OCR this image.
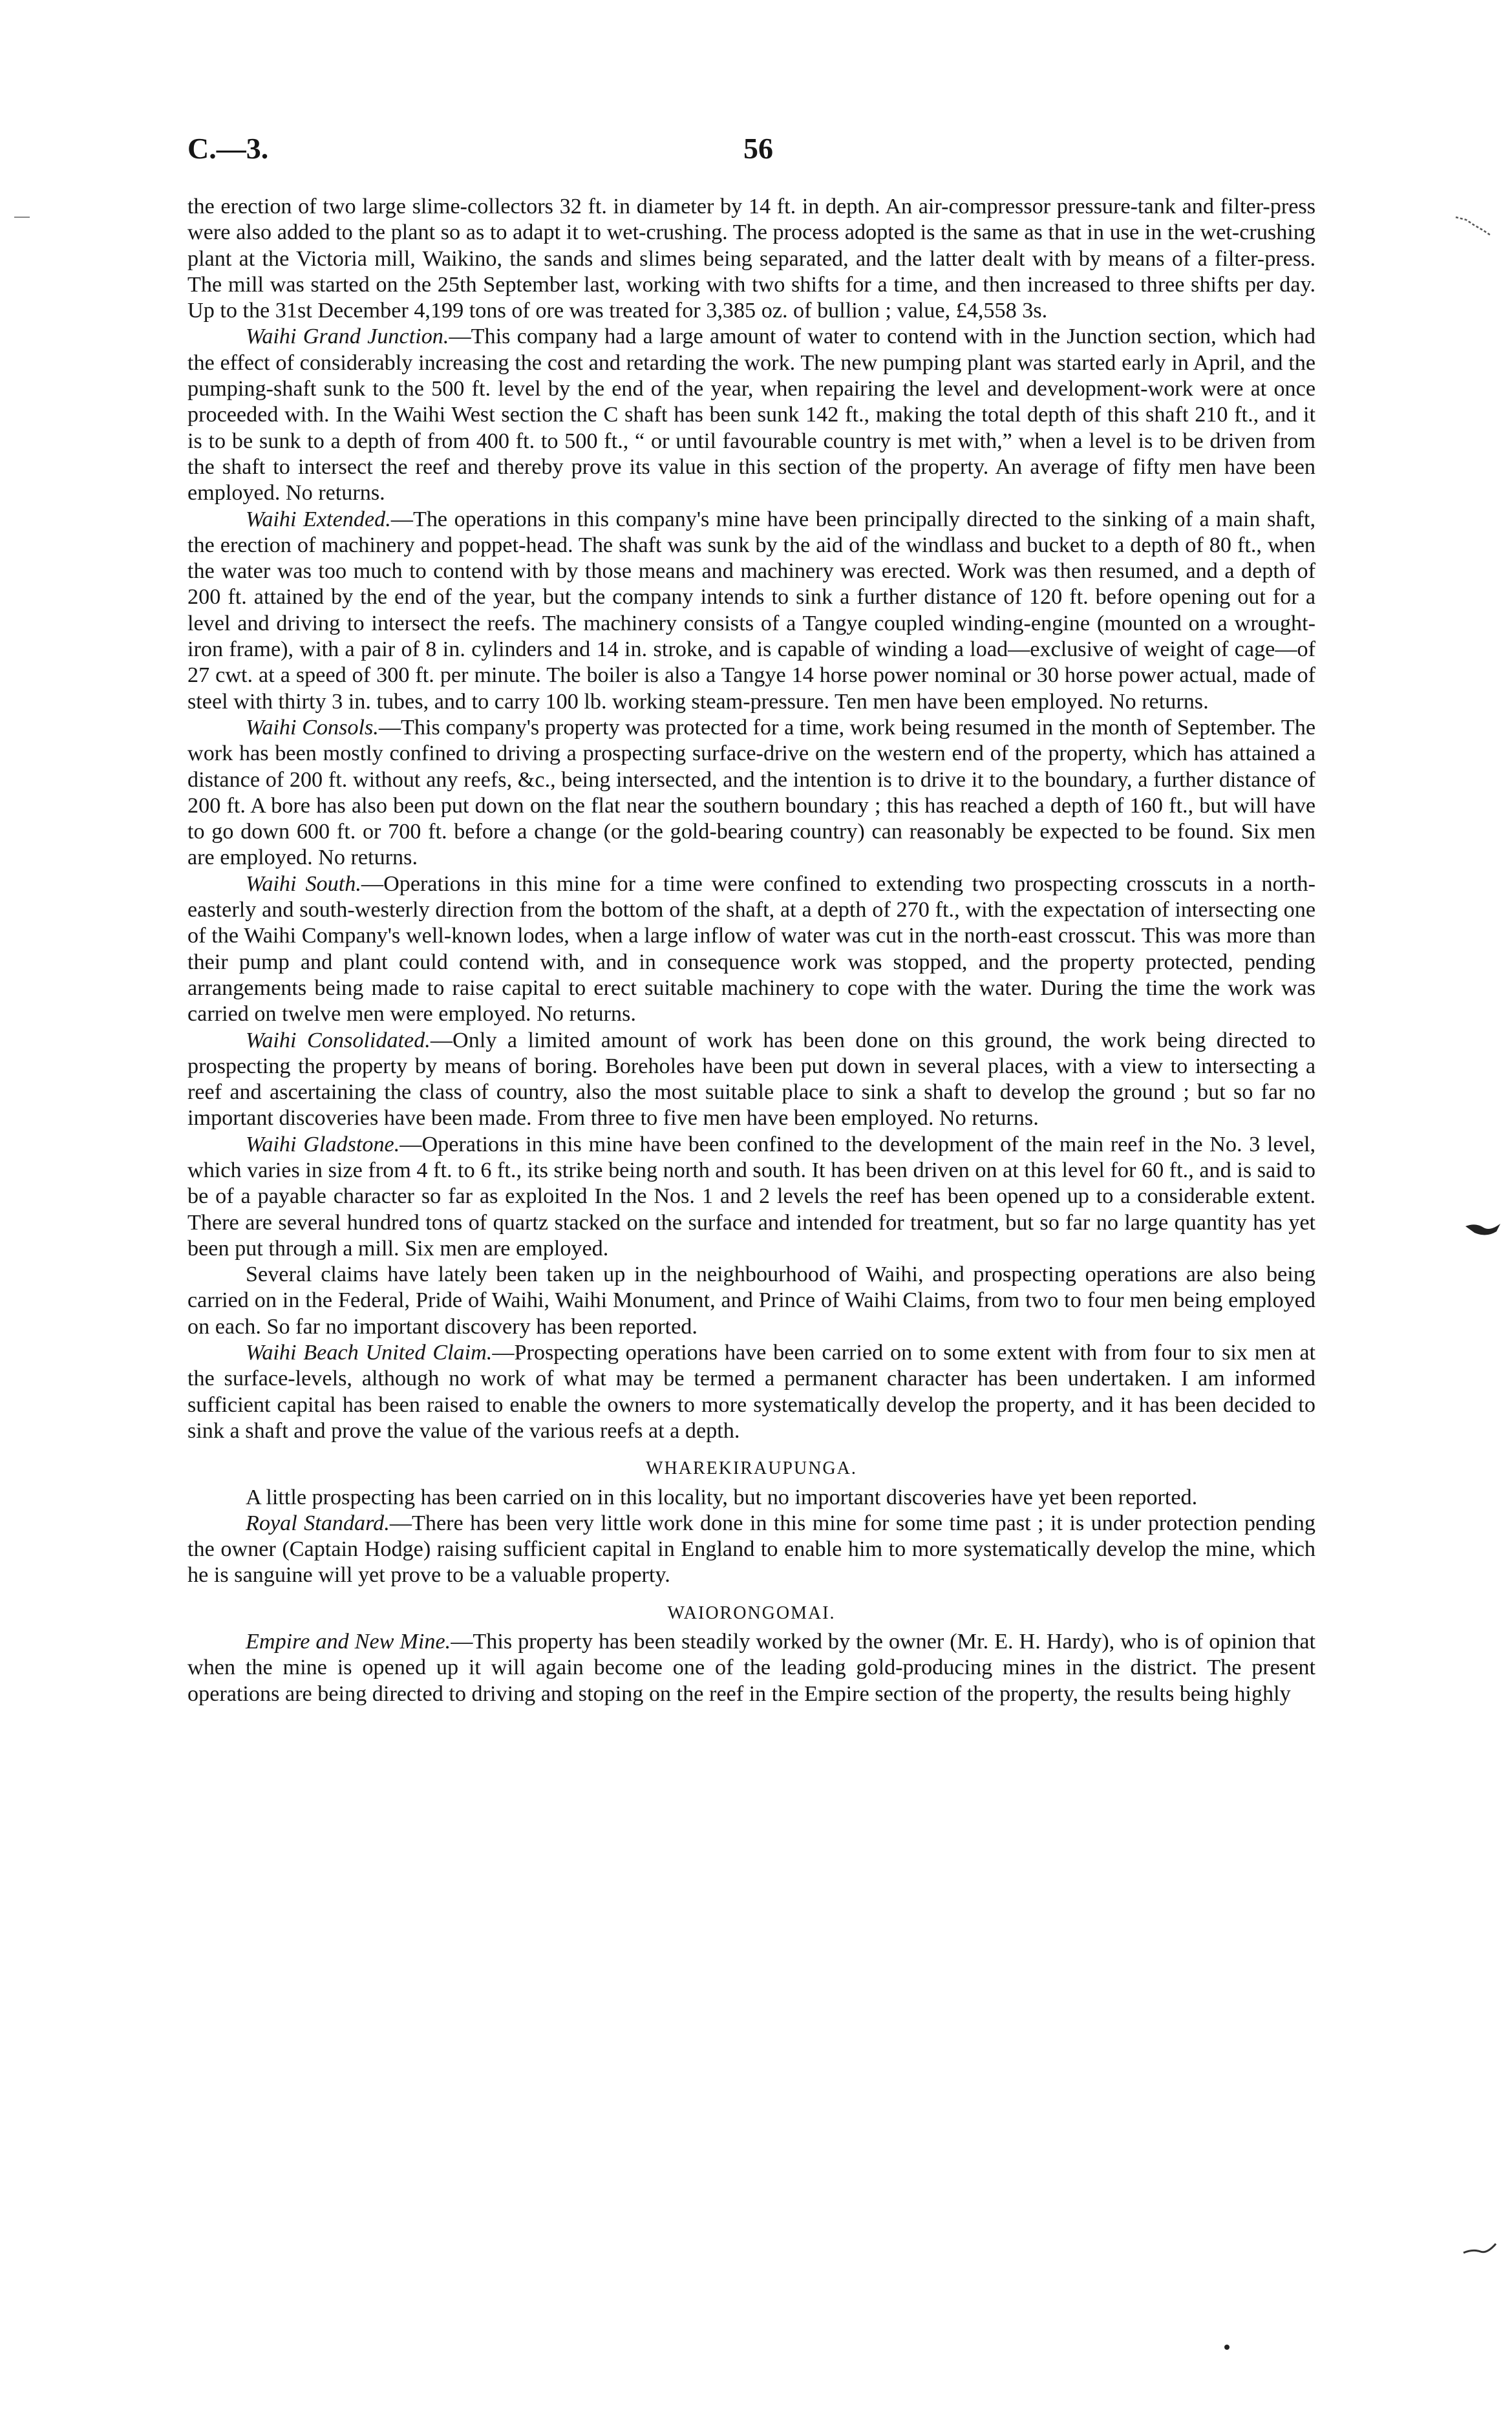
C.—3.	56

the erection of two large slime-collectors 32 ft. in diameter by 14 ft. in depth. An air-compressor pressure-tank and filter-press were also added to the plant so as to adapt it to wet-crushing. The process adopted is the same as that in use in the wet-crushing plant at the Victoria mill, Waikino, the sands and slimes being separated, and the latter dealt with by means of a filter-press. The mill was started on the 25th September last, working with two shifts for a time, and then increased to three shifts per day. Up to the 31st December 4,199 tons of ore was treated for 3,385 oz. of bullion ; value, £4,558 3s.

Waihi Grand Junction.—This company had a large amount of water to contend with in the Junction section, which had the effect of considerably increasing the cost and retarding the work. The new pumping plant was started early in April, and the pumping-shaft sunk to the 500 ft. level by the end of the year, when repairing the level and development-work were at once proceeded with. In the Waihi West section the C shaft has been sunk 142 ft., making the total depth of this shaft 210 ft., and it is to be sunk to a depth of from 400 ft. to 500 ft., “ or until favourable country is met with,” when a level is to be driven from the shaft to intersect the reef and thereby prove its value in this section of the property. An average of fifty men have been employed. No returns.

Waihi Extended.—The operations in this company's mine have been principally directed to the sinking of a main shaft, the erection of machinery and poppet-head. The shaft was sunk by the aid of the windlass and bucket to a depth of 80 ft., when the water was too much to contend with by those means and machinery was erected. Work was then resumed, and a depth of 200 ft. attained by the end of the year, but the company intends to sink a further distance of 120 ft. before opening out for a level and driving to intersect the reefs. The machinery consists of a Tangye coupled winding-engine (mounted on a wrought-iron frame), with a pair of 8 in. cylinders and 14 in. stroke, and is capable of winding a load—exclusive of weight of cage—of 27 cwt. at a speed of 300 ft. per minute. The boiler is also a Tangye 14 horse power nominal or 30 horse power actual, made of steel with thirty 3 in. tubes, and to carry 100 lb. working steam-pressure. Ten men have been employed. No returns.

Waihi Consols.—This company's property was protected for a time, work being resumed in the month of September. The work has been mostly confined to driving a prospecting surface-drive on the western end of the property, which has attained a distance of 200 ft. without any reefs, &c., being intersected, and the intention is to drive it to the boundary, a further distance of 200 ft. A bore has also been put down on the flat near the southern boundary ; this has reached a depth of 160 ft., but will have to go down 600 ft. or 700 ft. before a change (or the gold-bearing country) can reasonably be expected to be found. Six men are employed. No returns.

Waihi South.—Operations in this mine for a time were confined to extending two prospecting crosscuts in a north-easterly and south-westerly direction from the bottom of the shaft, at a depth of 270 ft., with the expectation of intersecting one of the Waihi Company's well-known lodes, when a large inflow of water was cut in the north-east crosscut. This was more than their pump and plant could contend with, and in consequence work was stopped, and the property protected, pending arrangements being made to raise capital to erect suitable machinery to cope with the water. During the time the work was carried on twelve men were employed. No returns.

Waihi Consolidated.—Only a limited amount of work has been done on this ground, the work being directed to prospecting the property by means of boring. Boreholes have been put down in several places, with a view to intersecting a reef and ascertaining the class of country, also the most suitable place to sink a shaft to develop the ground ; but so far no important discoveries have been made. From three to five men have been employed. No returns.

Waihi Gladstone.—Operations in this mine have been confined to the development of the main reef in the No. 3 level, which varies in size from 4 ft. to 6 ft., its strike being north and south. It has been driven on at this level for 60 ft., and is said to be of a payable character so far as exploited In the Nos. 1 and 2 levels the reef has been opened up to a considerable extent. There are several hundred tons of quartz stacked on the surface and intended for treatment, but so far no large quantity has yet been put through a mill. Six men are employed.

Several claims have lately been taken up in the neighbourhood of Waihi, and prospecting operations are also being carried on in the Federal, Pride of Waihi, Waihi Monument, and Prince of Waihi Claims, from two to four men being employed on each. So far no important discovery has been reported.

Waihi Beach United Claim.—Prospecting operations have been carried on to some extent with from four to six men at the surface-levels, although no work of what may be termed a permanent character has been undertaken. I am informed sufficient capital has been raised to enable the owners to more systematically develop the property, and it has been decided to sink a shaft and prove the value of the various reefs at a depth.

WHAREKIRAUPUNGA.

A little prospecting has been carried on in this locality, but no important discoveries have yet been reported.

Royal Standard.—There has been very little work done in this mine for some time past ; it is under protection pending the owner (Captain Hodge) raising sufficient capital in England to enable him to more systematically develop the mine, which he is sanguine will yet prove to be a valuable property.

WAIORONGOMAI.

Empire and New Mine.—This property has been steadily worked by the owner (Mr. E. H. Hardy), who is of opinion that when the mine is opened up it will again become one of the leading gold-producing mines in the district. The present operations are being directed to driving and stoping on the reef in the Empire section of the property, the results being highly
